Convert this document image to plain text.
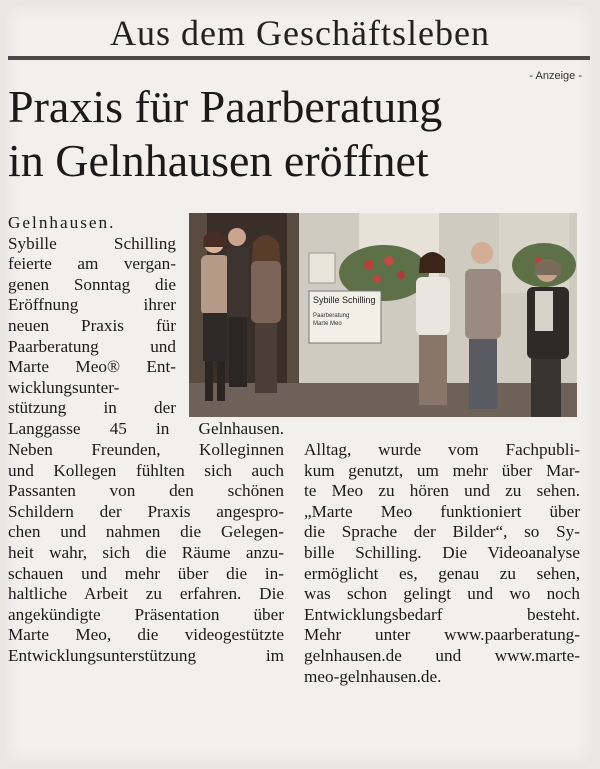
Aus dem Geschäftsleben
- Anzeige -
Praxis für Paarberatung
in Gelnhausen eröffnet
Gelnhausen.
Sybille Schilling
feierte am vergan-
genen Sonntag die
Eröffnung ihrer
neuen Praxis für
Paarberatung und
Marte Meo® Ent-
wicklungsunter-
stützung in der
Langgasse 45 in Gelnhausen.
Sybille Schilling
Paarberatung
Marte Meo
Neben Freunden, Kolleginnen
und Kollegen fühlten sich auch
Passanten von den schönen
Schildern der Praxis angespro-
chen und nahmen die Gelegen-
heit wahr, sich die Räume anzu-
schauen und mehr über die in-
haltliche Arbeit zu erfahren. Die
angekündigte Präsentation über
Marte Meo, die videogestützte
Entwicklungsunterstützung im
Alltag, wurde vom Fachpubli-
kum genutzt, um mehr über Mar-
te Meo zu hören und zu sehen.
„Marte Meo funktioniert über
die Sprache der Bilder“, so Sy-
bille Schilling. Die Videoanalyse
ermöglicht es, genau zu sehen,
was schon gelingt und wo noch
Entwicklungsbedarf besteht.
Mehr unter www.paarberatung-
gelnhausen.de und www.marte-
meo-gelnhausen.de.
